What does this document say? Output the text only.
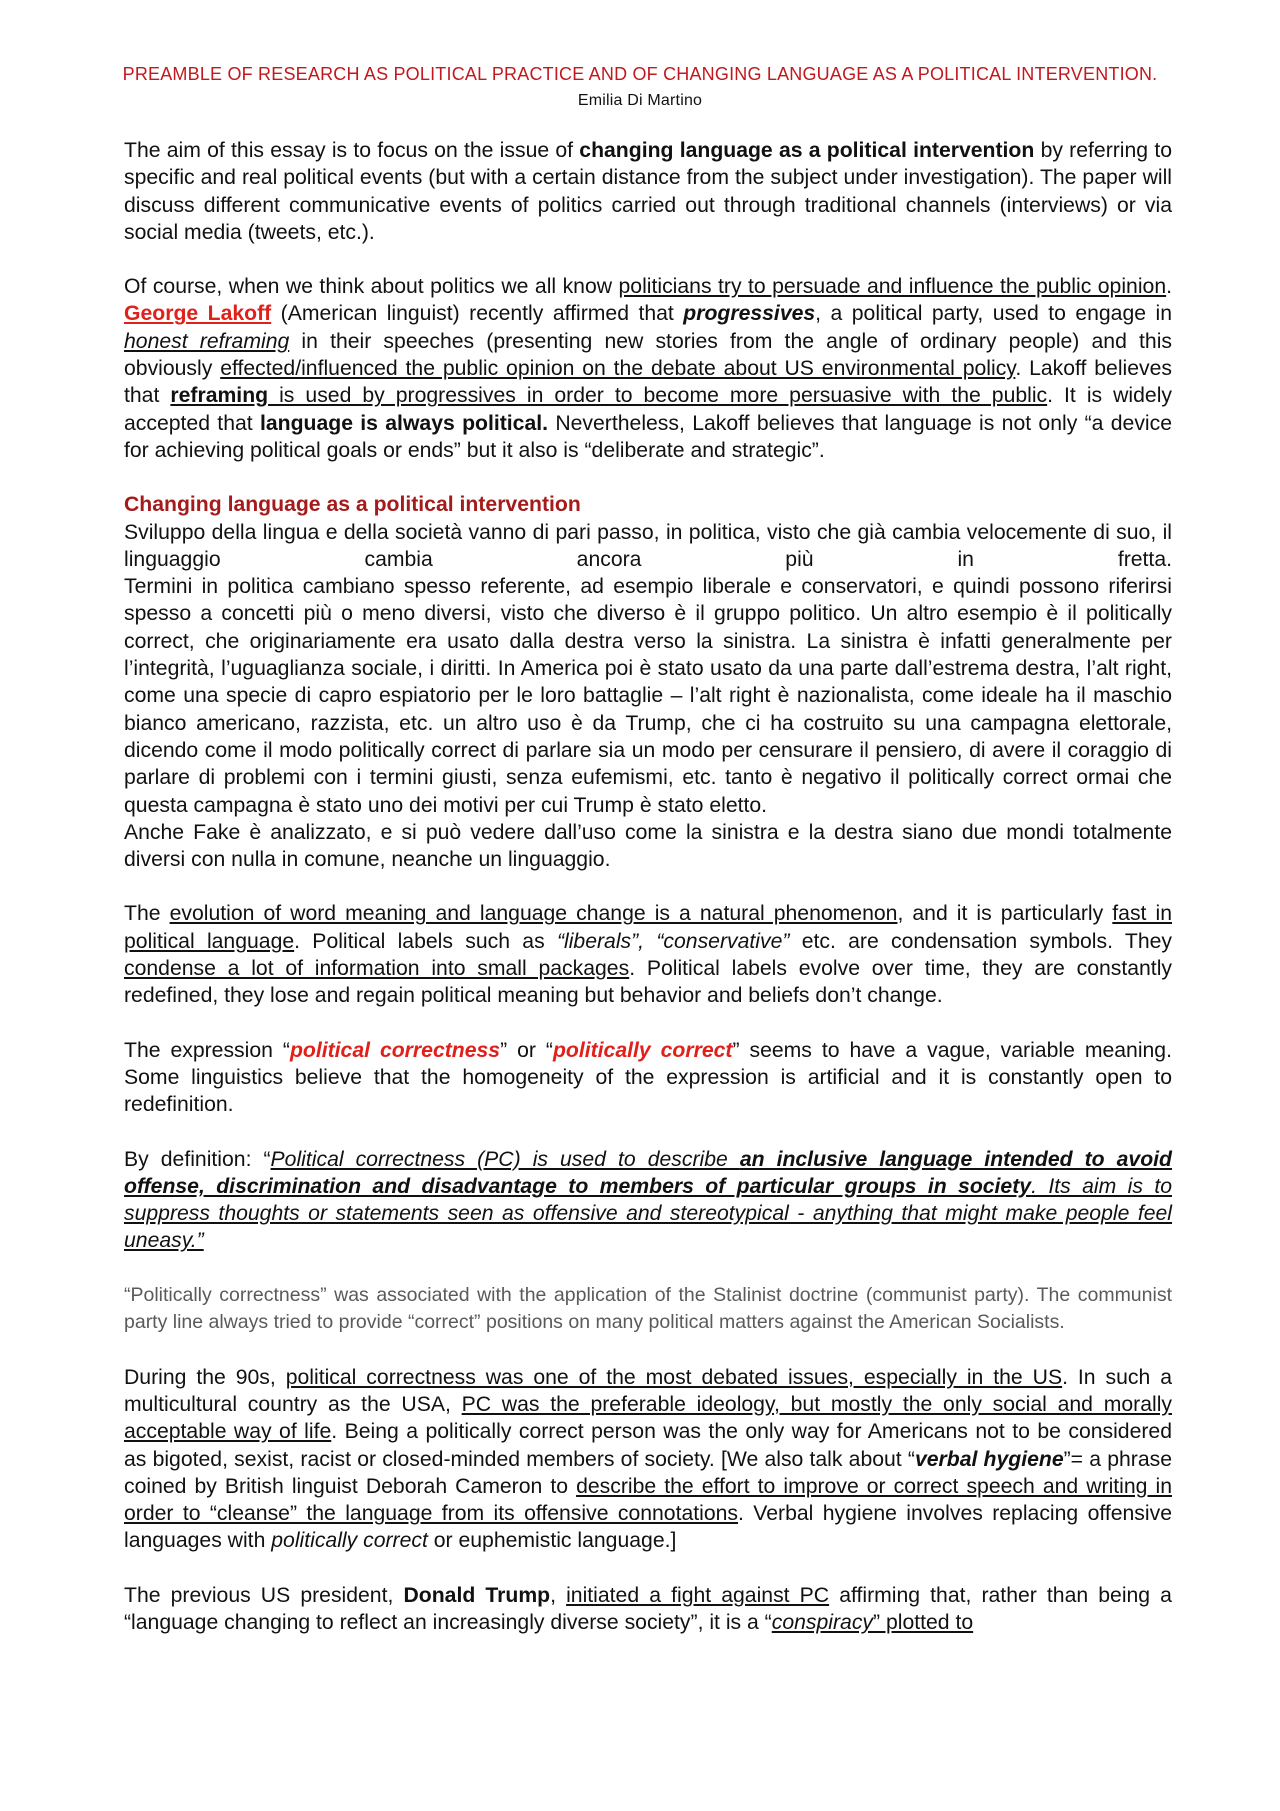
PREAMBLE OF RESEARCH AS POLITICAL PRACTICE AND OF CHANGING LANGUAGE AS A POLITICAL INTERVENTION. Emilia Di Martino

The aim of this essay is to focus on the issue of changing language as a political intervention by referring to specific and real political events (but with a certain distance from the subject under investigation). The paper will discuss different communicative events of politics carried out through traditional channels (interviews) or via social media (tweets, etc.).

Of course, when we think about politics we all know politicians try to persuade and influence the public opinion. George Lakoff (American linguist) recently affirmed that progressives, a political party, used to engage in honest reframing in their speeches (presenting new stories from the angle of ordinary people) and this obviously effected/influenced the public opinion on the debate about US environmental policy. Lakoff believes that reframing is used by progressives in order to become more persuasive with the public. It is widely accepted that language is always political. Nevertheless, Lakoff believes that language is not only “a device for achieving political goals or ends” but it also is “deliberate and strategic”.

Changing language as a political intervention

Sviluppo della lingua e della società vanno di pari passo, in politica, visto che già cambia velocemente di suo, il linguaggio cambia ancora più in fretta.
Termini in politica cambiano spesso referente, ad esempio liberale e conservatori, e quindi possono riferirsi spesso a concetti più o meno diversi, visto che diverso è il gruppo politico. Un altro esempio è il politically correct, che originariamente era usato dalla destra verso la sinistra. La sinistra è infatti generalmente per l’integrità, l’uguaglianza sociale, i diritti. In America poi è stato usato da una parte dall’estrema destra, l’alt right, come una specie di capro espiatorio per le loro battaglie – l’alt right è nazionalista, come ideale ha il maschio bianco americano, razzista, etc. un altro uso è da Trump, che ci ha costruito su una campagna elettorale, dicendo come il modo politically correct di parlare sia un modo per censurare il pensiero, di avere il coraggio di parlare di problemi con i termini giusti, senza eufemismi, etc. tanto è negativo il politically correct ormai che questa campagna è stato uno dei motivi per cui Trump è stato eletto.
Anche Fake è analizzato, e si può vedere dall’uso come la sinistra e la destra siano due mondi totalmente diversi con nulla in comune, neanche un linguaggio.

The evolution of word meaning and language change is a natural phenomenon, and it is particularly fast in political language. Political labels such as “liberals”, “conservative” etc. are condensation symbols. They condense a lot of information into small packages. Political labels evolve over time, they are constantly redefined, they lose and regain political meaning but behavior and beliefs don’t change.

The expression “political correctness” or “politically correct” seems to have a vague, variable meaning. Some linguistics believe that the homogeneity of the expression is artificial and it is constantly open to redefinition.

By definition: “Political correctness (PC) is used to describe an inclusive language intended to avoid offense, discrimination and disadvantage to members of particular groups in society. Its aim is to suppress thoughts or statements seen as offensive and stereotypical - anything that might make people feel uneasy.”

“Politically correctness” was associated with the application of the Stalinist doctrine (communist party). The communist party line always tried to provide “correct” positions on many political matters against the American Socialists.

During the 90s, political correctness was one of the most debated issues, especially in the US. In such a multicultural country as the USA, PC was the preferable ideology, but mostly the only social and morally acceptable way of life. Being a politically correct person was the only way for Americans not to be considered as bigoted, sexist, racist or closed-minded members of society. [We also talk about “verbal hygiene”= a phrase coined by British linguist Deborah Cameron to describe the effort to improve or correct speech and writing in order to “cleanse” the language from its offensive connotations. Verbal hygiene involves replacing offensive languages with politically correct or euphemistic language.]

The previous US president, Donald Trump, initiated a fight against PC affirming that, rather than being a “language changing to reflect an increasingly diverse society”, it is a “conspiracy” plotted to
